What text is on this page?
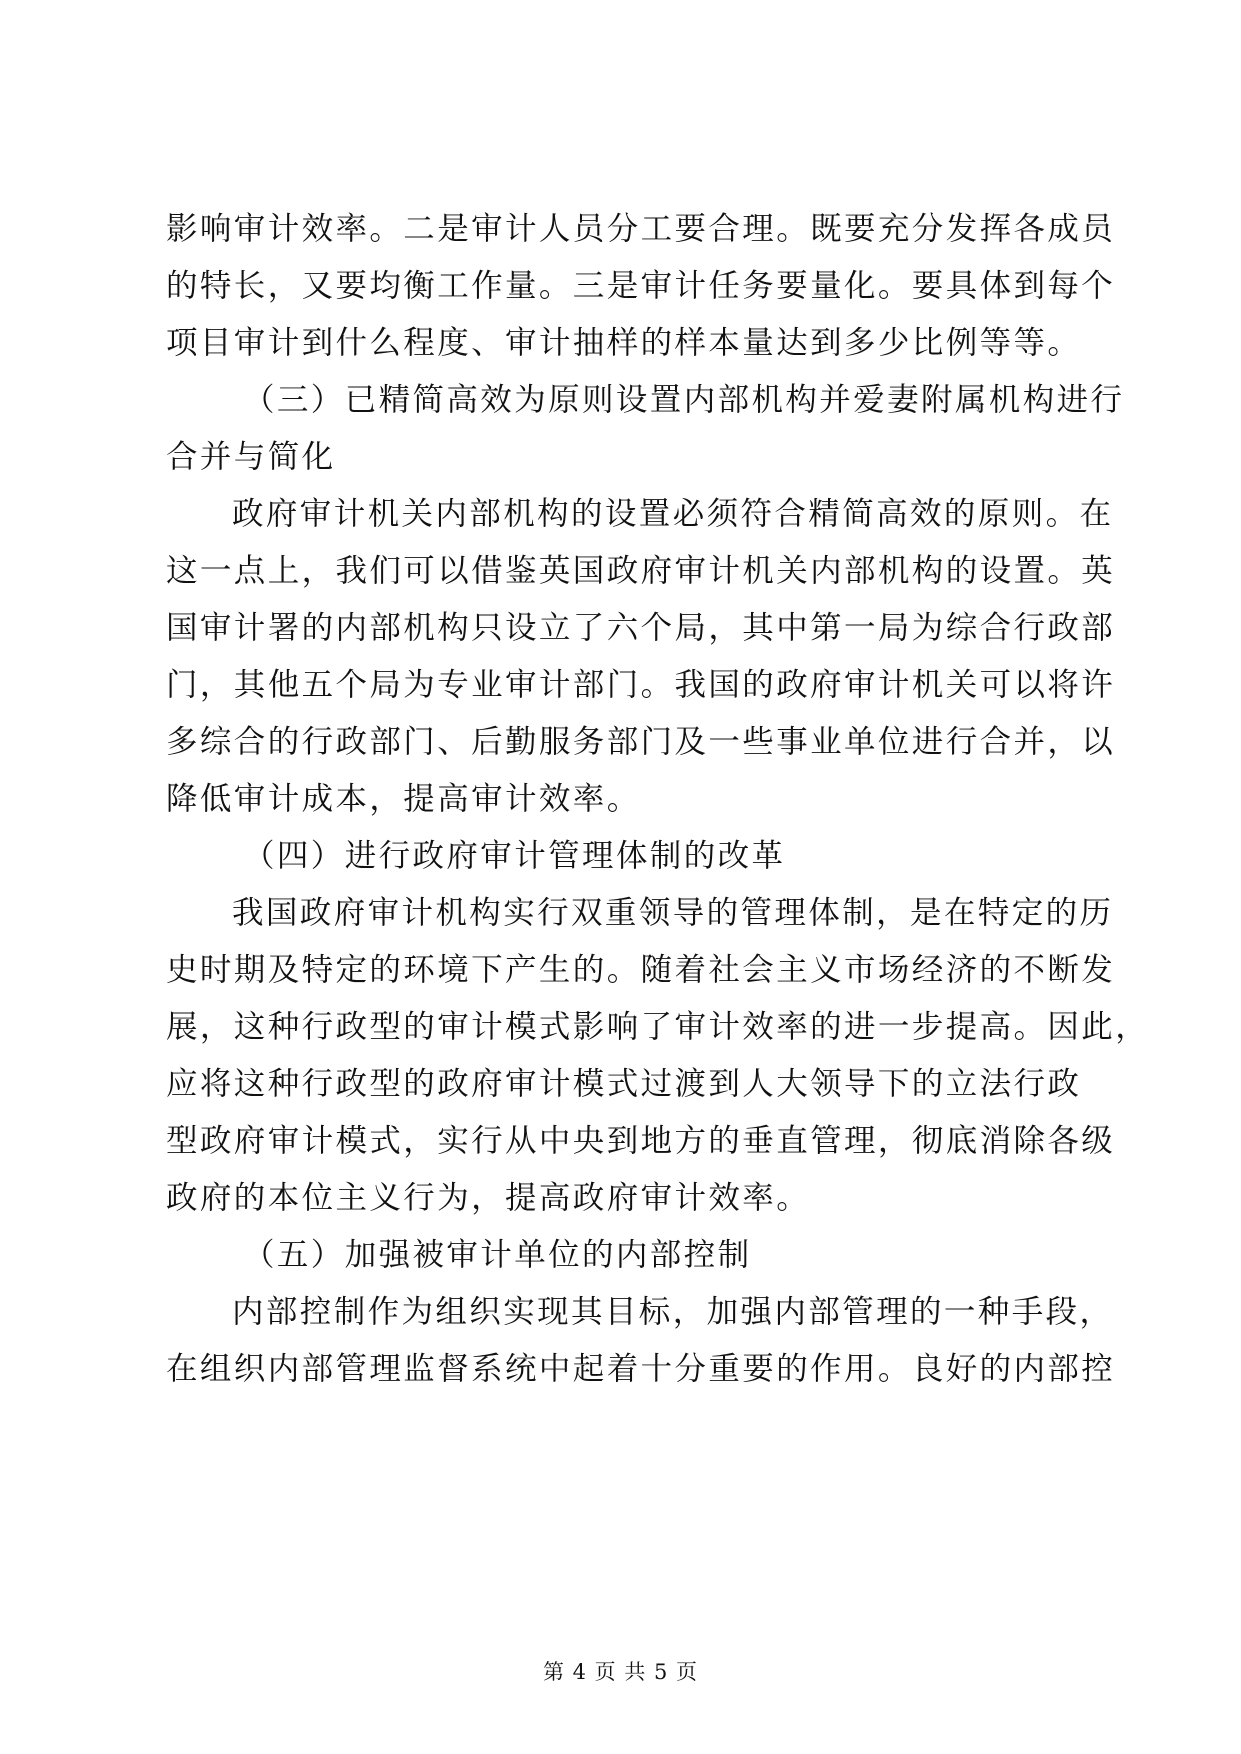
影响审计效率。二是审计人员分工要合理。既要充分发挥各成员
的特长，又要均衡工作量。三是审计任务要量化。要具体到每个
项目审计到什么程度、审计抽样的样本量达到多少比例等等。
（三）已精简高效为原则设置内部机构并爱妻附属机构进行
合并与简化
政府审计机关内部机构的设置必须符合精简高效的原则。在
这一点上，我们可以借鉴英国政府审计机关内部机构的设置。英
国审计署的内部机构只设立了六个局，其中第一局为综合行政部
门，其他五个局为专业审计部门。我国的政府审计机关可以将许
多综合的行政部门、后勤服务部门及一些事业单位进行合并，以
降低审计成本，提高审计效率。
（四）进行政府审计管理体制的改革
我国政府审计机构实行双重领导的管理体制，是在特定的历
史时期及特定的环境下产生的。随着社会主义市场经济的不断发
展，这种行政型的审计模式影响了审计效率的进一步提高。因此，
应将这种行政型的政府审计模式过渡到人大领导下的立法行政
型政府审计模式，实行从中央到地方的垂直管理，彻底消除各级
政府的本位主义行为，提高政府审计效率。
（五）加强被审计单位的内部控制
内部控制作为组织实现其目标，加强内部管理的一种手段，
在组织内部管理监督系统中起着十分重要的作用。良好的内部控
第 4 页 共 5 页
